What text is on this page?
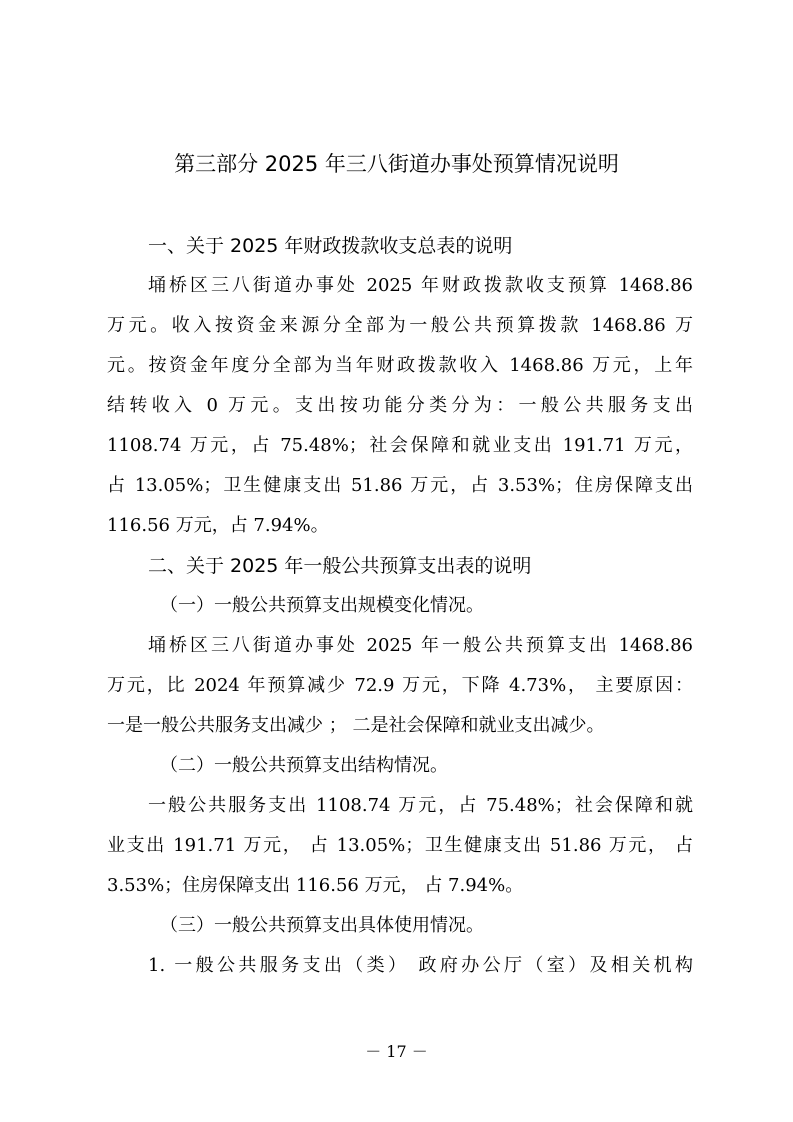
第三部分 2025 年三八街道办事处预算情况说明
一、关于 2025 年财政拨款收支总表的说明
埇桥区三八街道办事处 2025 年财政拨款收支预算 1468.86
万元。收入按资金来源分全部为一般公共预算拨款 1468.86 万
元。按资金年度分全部为当年财政拨款收入 1468.86 万元，上年
结转收入 0 万元。支出按功能分类分为：一般公共服务支出
1108.74 万元，占 75.48%；社会保障和就业支出 191.71 万元，
占 13.05%；卫生健康支出 51.86 万元，占 3.53%；住房保障支出
116.56 万元，占 7.94%。
二、关于 2025 年一般公共预算支出表的说明
（一）一般公共预算支出规模变化情况。
埇桥区三八街道办事处 2025 年一般公共预算支出 1468.86
万元，比 2024 年预算减少 72.9 万元，下降 4.73%， 主要原因：
一是一般公共服务支出减少 ； 二是社会保障和就业支出减少。
（二）一般公共预算支出结构情况。
一般公共服务支出 1108.74 万元，占 75.48%；社会保障和就
业支出 191.71 万元， 占 13.05%；卫生健康支出 51.86 万元， 占
3.53%；住房保障支出 116.56 万元， 占 7.94%。
（三）一般公共预算支出具体使用情况。
1. 一般公共服务支出（类） 政府办公厅（室）及相关机构
－ 17 －
